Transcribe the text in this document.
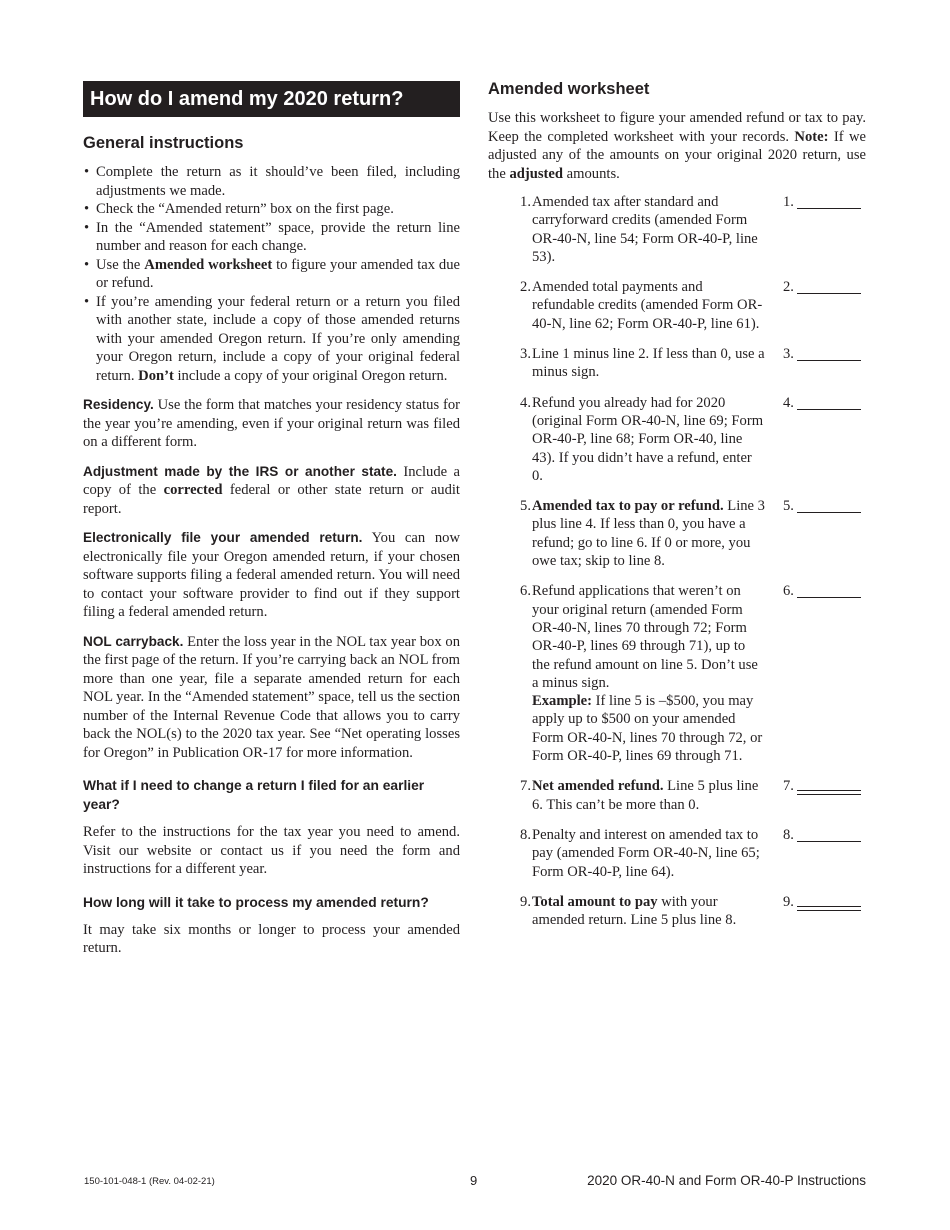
How do I amend my 2020 return?
General instructions
• Complete the return as it should’ve been filed, including adjustments we made.
• Check the “Amended return” box on the first page.
• In the “Amended statement” space, provide the return line number and reason for each change.
• Use the Amended worksheet to figure your amended tax due or refund.
• If you’re amending your federal return or a return you filed with another state, include a copy of those amended returns with your amended Oregon return. If you’re only amending your Oregon return, include a copy of your original federal return. Don’t include a copy of your original Oregon return.

Residency. Use the form that matches your residency status for the year you’re amending, even if your original return was filed on a different form.

Adjustment made by the IRS or another state. Include a copy of the corrected federal or other state return or audit report.

Electronically file your amended return. You can now electronically file your Oregon amended return, if your chosen software supports filing a federal amended return. You will need to contact your software provider to find out if they support filing a federal amended return.

NOL carryback. Enter the loss year in the NOL tax year box on the first page of the return. If you’re carrying back an NOL from more than one year, file a separate amended return for each NOL year. In the “Amended statement” space, tell us the section number of the Internal Revenue Code that allows you to carry back the NOL(s) to the 2020 tax year. See “Net operating losses for Oregon” in Publication OR-17 for more information.

What if I need to change a return I filed for an earlier year?

Refer to the instructions for the tax year you need to amend. Visit our website or contact us if you need the form and instructions for a different year.

How long will it take to process my amended return?

It may take six months or longer to process your amended return.

Amended worksheet

Use this worksheet to figure your amended refund or tax to pay. Keep the completed worksheet with your records. Note: If we adjusted any of the amounts on your original 2020 return, use the adjusted amounts.

1. Amended tax after standard and carryforward credits (amended Form OR-40-N, line 54; Form OR-40-P, line 53).
1.
2. Amended total payments and refundable credits (amended Form OR-40-N, line 62; Form OR-40-P, line 61).
2.
3. Line 1 minus line 2. If less than 0, use a minus sign.
3.
4. Refund you already had for 2020 (original Form OR-40-N, line 69; Form OR-40-P, line 68; Form OR-40, line 43). If you didn’t have a refund, enter 0.
4.
5. Amended tax to pay or refund. Line 3 plus line 4. If less than 0, you have a refund; go to line 6. If 0 or more, you owe tax; skip to line 8.
5.
6. Refund applications that weren’t on your original return (amended Form OR-40-N, lines 70 through 72; Form OR-40-P, lines 69 through 71), up to the refund amount on line 5. Don’t use a minus sign.
Example: If line 5 is –$500, you may apply up to $500 on your amended Form OR-40-N, lines 70 through 72, or Form OR-40-P, lines 69 through 71.
6.
7. Net amended refund. Line 5 plus line 6. This can’t be more than 0.
7.
8. Penalty and interest on amended tax to pay (amended Form OR-40-N, line 65; Form OR-40-P, line 64).
8.
9. Total amount to pay with your amended return. Line 5 plus line 8.
9.
150-101-048-1 (Rev. 04-02-21)	9	2020 OR-40-N and Form OR-40-P Instructions
